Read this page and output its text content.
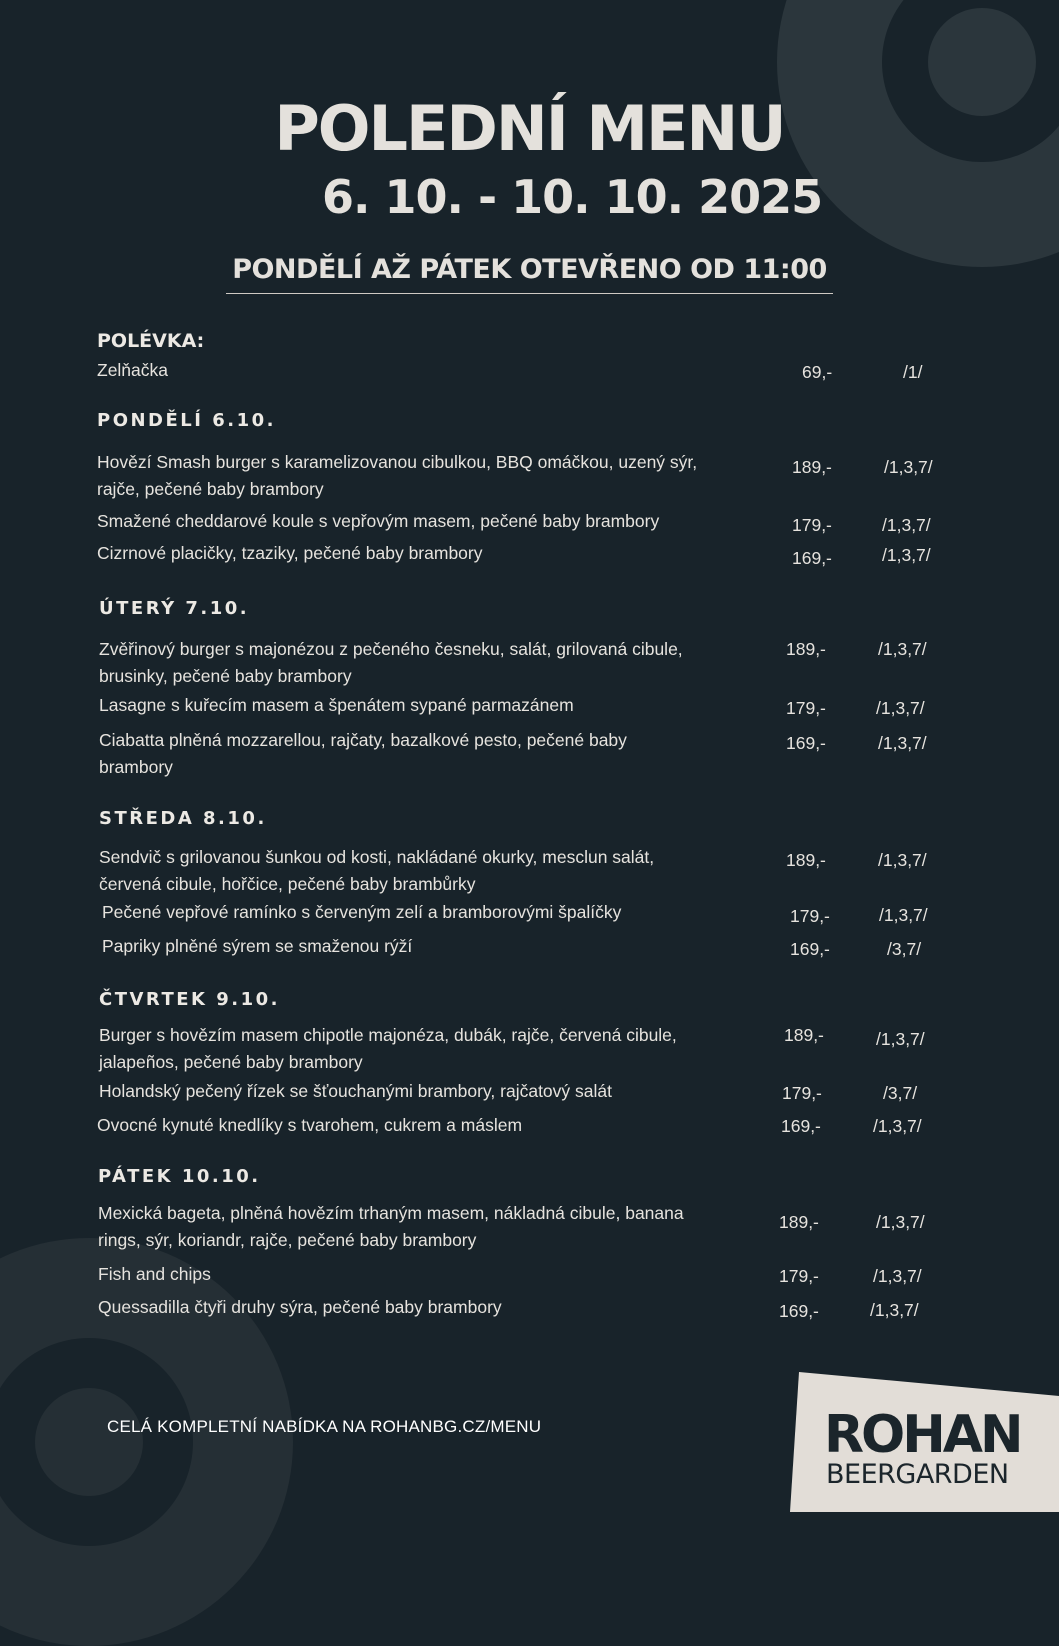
POLEDNÍ MENU
6. 10. - 10. 10. 2025
PONDĚLÍ AŽ PÁTEK OTEVŘENO OD 11:00
POLÉVKA:
Zelňačka	69,-	/1/
PONDĚLÍ 6.10.
Hovězí Smash burger s karamelizovanou cibulkou, BBQ omáčkou, uzený sýr,
rajče, pečené baby brambory
189,-	/1,3,7/
Smažené cheddarové koule s vepřovým masem, pečené baby brambory	179,-	/1,3,7/
Cizrnové placičky, tzaziky, pečené baby brambory	169,-	/1,3,7/
ÚTERÝ 7.10.
Zvěřinový burger s majonézou z pečeného česneku, salát, grilovaná cibule,
brusinky, pečené baby brambory
189,-	/1,3,7/
Lasagne s kuřecím masem a špenátem sypané parmazánem	179,-	/1,3,7/
Ciabatta plněná mozzarellou, rajčaty, bazalkové pesto, pečené baby
brambory
169,-	/1,3,7/
STŘEDA 8.10.
Sendvič s grilovanou šunkou od kosti, nakládané okurky, mesclun salát,
červená cibule, hořčice, pečené baby brambůrky
189,-	/1,3,7/
Pečené vepřové ramínko s červeným zelí a bramborovými špalíčky	179,-	/1,3,7/
Papriky plněné sýrem se smaženou rýží	169,-	/3,7/
ČTVRTEK 9.10.
Burger s hovězím masem chipotle majonéza, dubák, rajče, červená cibule,
jalapeños, pečené baby brambory
189,-	/1,3,7/
Holandský pečený řízek se šťouchanými brambory, rajčatový salát	179,-	/3,7/
Ovocné kynuté knedlíky s tvarohem, cukrem a máslem	169,-	/1,3,7/
PÁTEK 10.10.
Mexická bageta, plněná hovězím trhaným masem, nákladná cibule, banana
rings, sýr, koriandr, rajče, pečené baby brambory
189,-	/1,3,7/
Fish and chips	179,-	/1,3,7/
Quessadilla čtyři druhy sýra, pečené baby brambory	169,-	/1,3,7/
CELÁ KOMPLETNÍ NABÍDKA NA ROHANBG.CZ/MENU	ROHAN
BEERGARDEN
